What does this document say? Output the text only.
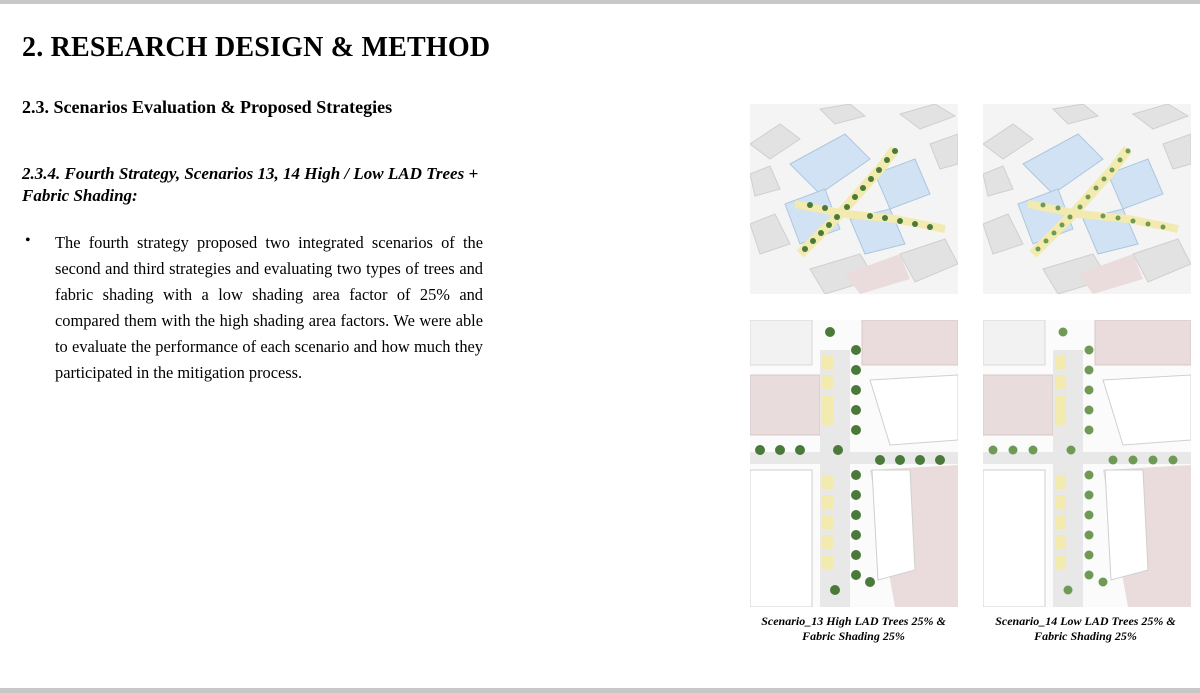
2. RESEARCH DESIGN & METHOD
2.3. Scenarios Evaluation & Proposed Strategies
2.3.4. Fourth Strategy, Scenarios 13, 14 High / Low LAD Trees + Fabric Shading:
• The fourth strategy proposed two integrated scenarios of the second and third strategies and evaluating two types of trees and fabric shading with a low shading area factor of 25% and compared them with the high shading area factors. We were able to evaluate the performance of each scenario and how much they participated in the mitigation process.
Scenario_13 High LAD Trees 25% & Fabric Shading 25%
Scenario_14 Low LAD Trees 25% & Fabric Shading 25%
